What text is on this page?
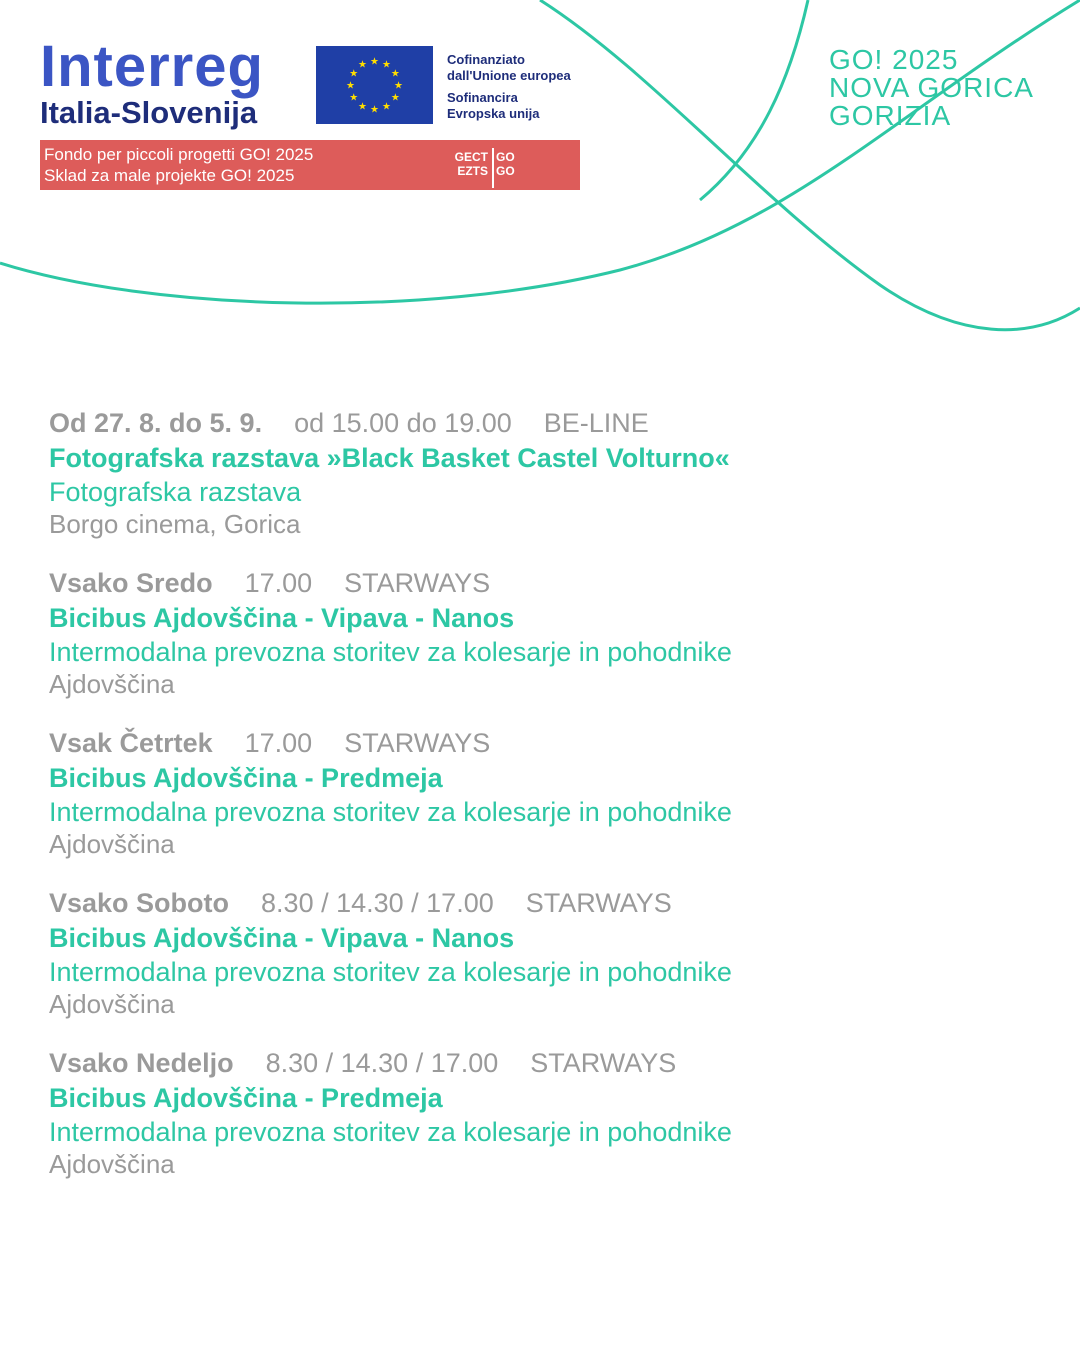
Interreg
Italia-Slovenija
★ ★
★
★
★
★
★
★
★
★
★
★	Cofinanziato
dall'Unione europea
Sofinancira
Evropska unija
Fondo per piccoli progetti GO! 2025
Sklad za male projekte GO! 2025
GECT
EZTS
GO
GO
GO! 2025
NOVA GORICA
GORIZIA
Od 27. 8. do 5. 9. od 15.00 do 19.00 BE-LINE
Fotografska razstava »Black Basket Castel Volturno«
Fotografska razstava
Borgo cinema, Gorica
Vsako Sredo 17.00 STARWAYS
Bicibus Ajdovščina - Vipava - Nanos
Intermodalna prevozna storitev za kolesarje in pohodnike
Ajdovščina
Vsak Četrtek 17.00 STARWAYS
Bicibus Ajdovščina - Predmeja
Intermodalna prevozna storitev za kolesarje in pohodnike
Ajdovščina
Vsako Soboto 8.30 / 14.30 / 17.00 STARWAYS
Bicibus Ajdovščina - Vipava - Nanos
Intermodalna prevozna storitev za kolesarje in pohodnike
Ajdovščina
Vsako Nedeljo 8.30 / 14.30 / 17.00 STARWAYS
Bicibus Ajdovščina - Predmeja
Intermodalna prevozna storitev za kolesarje in pohodnike
Ajdovščina
